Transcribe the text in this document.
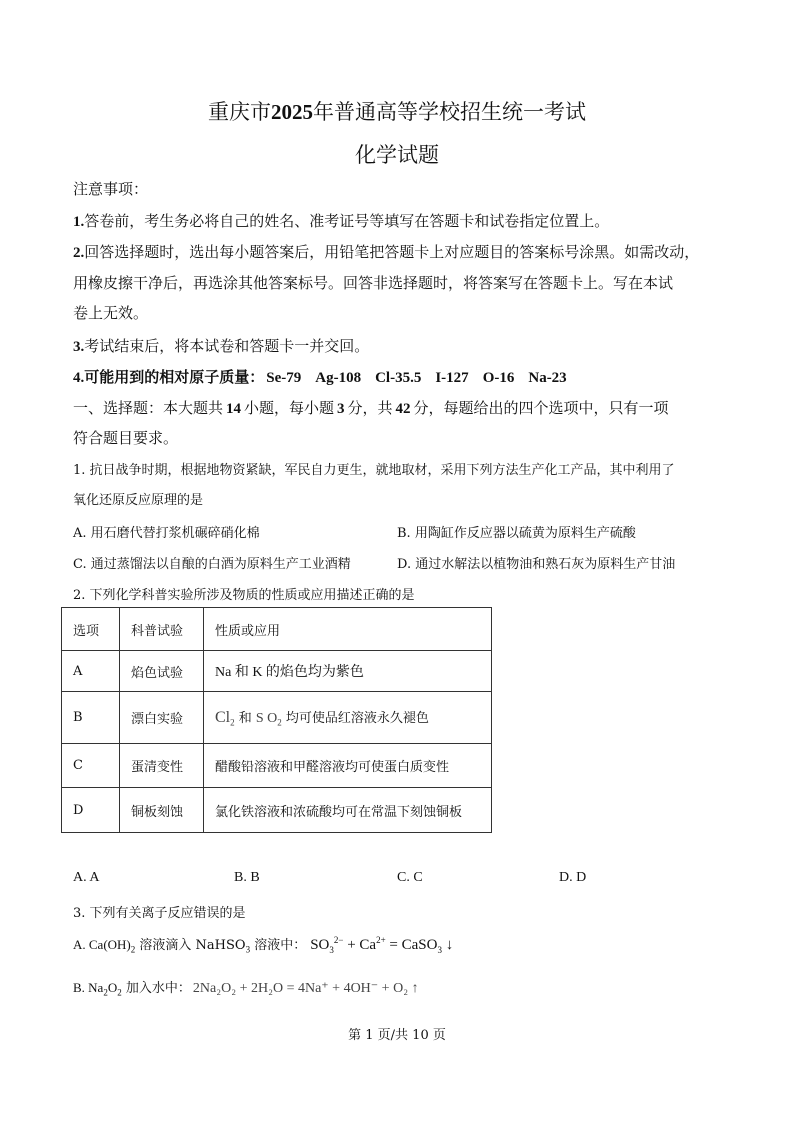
重庆市2025年普通高等学校招生统一考试
化学试题
注意事项：
1.答卷前，考生务必将自己的姓名、准考证号等填写在答题卡和试卷指定位置上。
2.回答选择题时，选出每小题答案后，用铅笔把答题卡上对应题目的答案标号涂黑。如需改动，
用橡皮擦干净后，再选涂其他答案标号。回答非选择题时，将答案写在答题卡上。写在本试
卷上无效。
3.考试结束后，将本试卷和答题卡一并交回。
4.可能用到的相对原子质量： Se-79 Ag-108 Cl-35.5 I-127 O-16 Na-23
一、选择题：本大题共 14 小题，每小题 3 分，共 42 分，每题给出的四个选项中，只有一项
符合题目要求。
1. 抗日战争时期，根据地物资紧缺，军民自力更生，就地取材，采用下列方法生产化工产品，其中利用了
氧化还原反应原理的是
A. 用石磨代替打浆机碾碎硝化棉	B. 用陶缸作反应器以硫黄为原料生产硫酸
C. 通过蒸馏法以自酿的白酒为原料生产工业酒精	D. 通过水解法以植物油和熟石灰为原料生产甘油
2. 下列化学科普实验所涉及物质的性质或应用描述正确的是
选项	科普试验	性质或应用
A	焰色试验	Na 和 K 的焰色均为紫色
B	漂白实验	$Cl_2$ 和 S $O_2$ 均可使品红溶液永久褪色
C	蛋清变性	醋酸铅溶液和甲醛溶液均可使蛋白质变性
D	铜板刻蚀	氯化铁溶液和浓硫酸均可在常温下刻蚀铜板
A. A	B. B	C. C	D. D
3. 下列有关离子反应错误的是
A. $Ca(OH)_2$ 溶液滴入 NaHSO$_3$ 溶液中： $SO_3^{2-} + Ca^{2+}$ = CaSO$_3$ ↓
B. $Na_2O_2$ 加入水中： 2Na₂O₂ + 2H₂O = 4Na⁺ + 4OH⁻ + O₂ ↑
第 1 页/共 10 页
